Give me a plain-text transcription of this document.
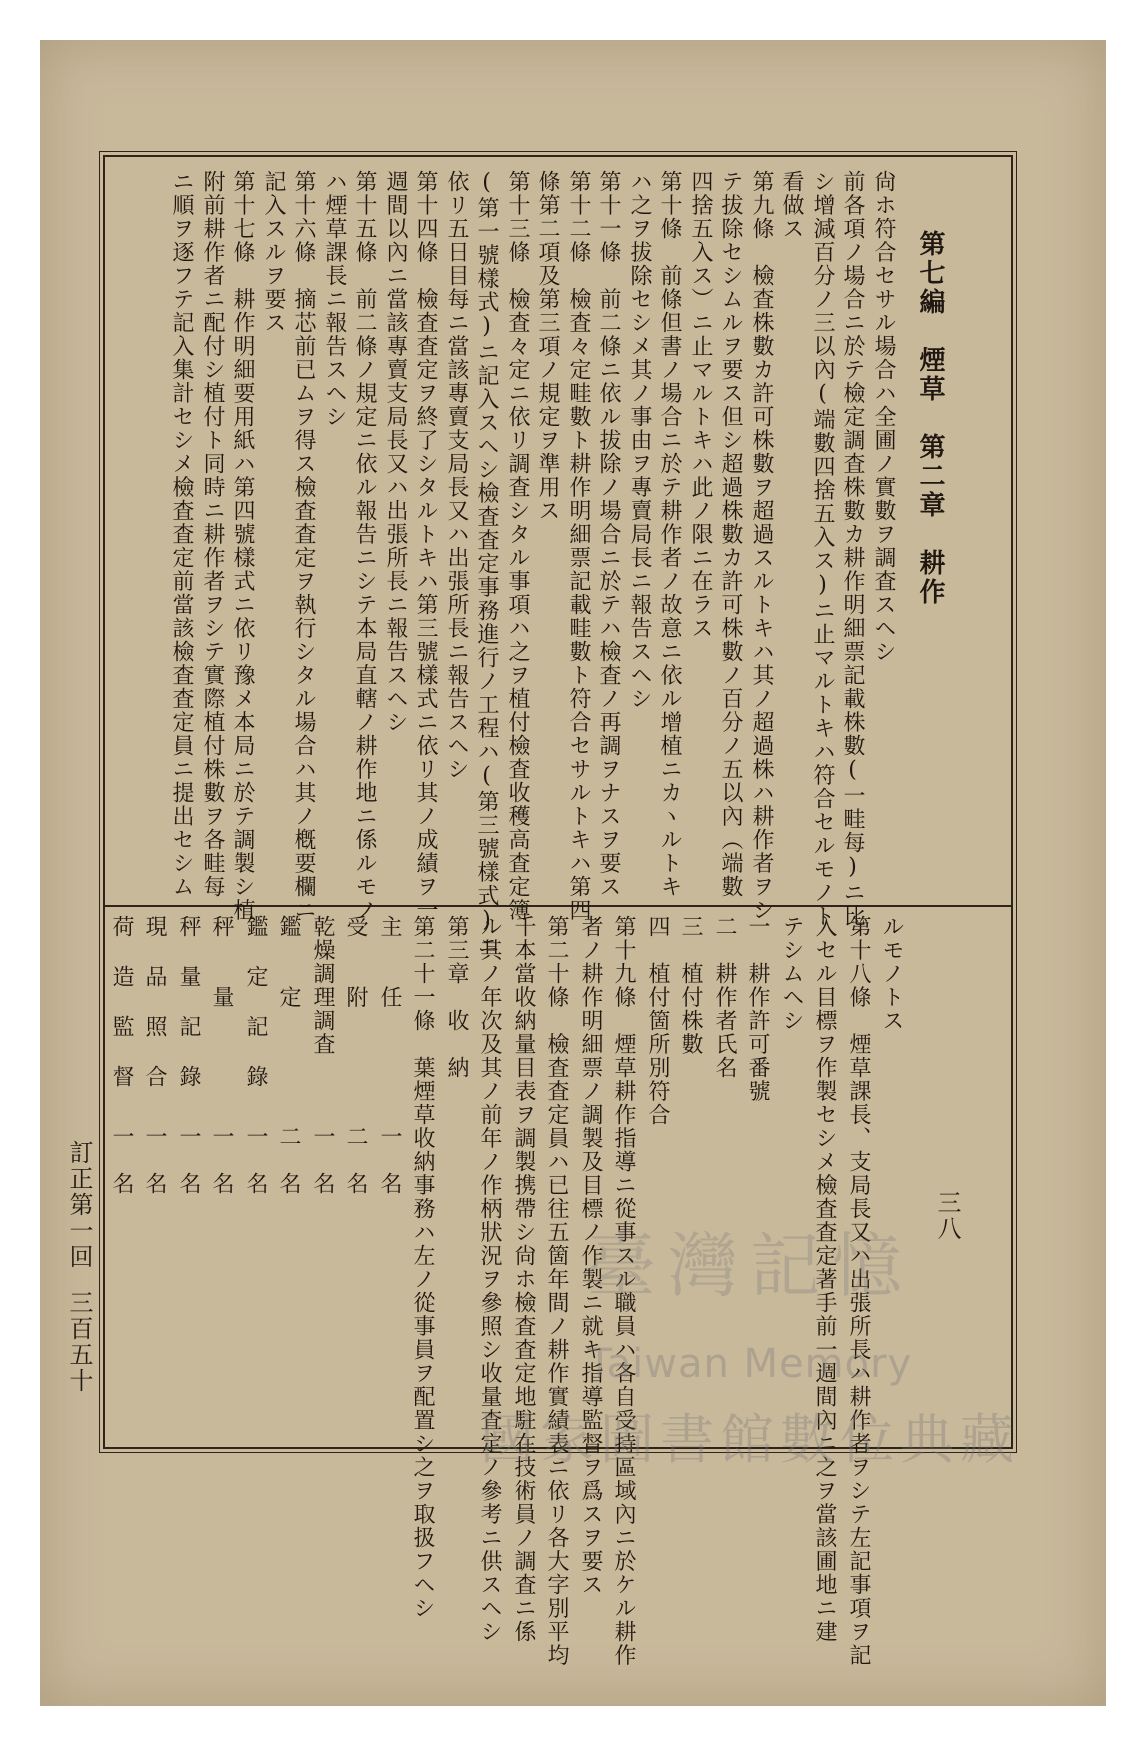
第七編　煙草　第二章　耕作
三八
訂正第一回
三百五十
尙ホ符合セサル場合ハ全圃ノ實數ヲ調査スヘシ
前各項ノ場合ニ於テ檢定調査株數カ耕作明細票記載株數(一畦每)ニ比
シ增減百分ノ三以內(端數四捨五入ス)ニ止マルトキハ符合セルモノト
看做ス
第九條　檢査株數カ許可株數ヲ超過スルトキハ其ノ超過株ハ耕作者ヲシ
テ拔除セシムルヲ要ス但シ超過株數カ許可株數ノ百分ノ五以內（端數
四捨五入ス）ニ止マルトキハ此ノ限ニ在ラス
第十條　前條但書ノ場合ニ於テ耕作者ノ故意ニ依ル增植ニカヽルトキ
ハ之ヲ拔除セシメ其ノ事由ヲ專賣局長ニ報告スヘシ
第十一條　前二條ニ依ル拔除ノ場合ニ於テハ檢査ノ再調ヲナスヲ要ス
第十二條　檢査々定畦數ト耕作明細票記載畦數ト符合セサルトキハ第四
條第二項及第三項ノ規定ヲ準用ス
第十三條　檢査々定ニ依リ調査シタル事項ハ之ヲ植付檢査收穫高査定簿
(第一號樣式)ニ記入スヘシ檢査査定事務進行ノ工程ハ(第三號樣式)ニ
依リ五日目每ニ當該專賣支局長又ハ出張所長ニ報告スヘシ
第十四條　檢査査定ヲ終了シタルトキハ第三號樣式ニ依リ其ノ成績ヲ一
週間以內ニ當該專賣支局長又ハ出張所長ニ報告スヘシ
第十五條　前二條ノ規定ニ依ル報告ニシテ本局直轄ノ耕作地ニ係ルモノ
ハ煙草課長ニ報告スヘシ
第十六條　摘芯前已ムヲ得ス檢査査定ヲ執行シタル場合ハ其ノ槪要欄ニ
記入スルヲ要ス
第十七條　耕作明細要用紙ハ第四號樣式ニ依リ豫メ本局ニ於テ調製シ植
附前耕作者ニ配付シ植付ト同時ニ耕作者ヲシテ實際植付株數ヲ各畦每
ニ順ヲ逐フテ記入集計セシメ檢査査定前當該檢査査定員ニ提出セシム
ルモノトス
第十八條　煙草課長、支局長又ハ出張所長ハ耕作者ヲシテ左記事項ヲ記
入セル目標ヲ作製セシメ檢査査定著手前一週間內ニ之ヲ當該圃地ニ建
テシムヘシ
一　耕作許可番號
二　耕作者氏名
三　植付株數
四　植付箇所別符合
第十九條　煙草耕作指導ニ從事スル職員ハ各自受持區域內ニ於ケル耕作
者ノ耕作明細票ノ調製及目標ノ作製ニ就キ指導監督ヲ爲スヲ要ス
第二十條　檢査査定員ハ已往五箇年間ノ耕作實績表ニ依リ各大字別平均
千本當收納量目表ヲ調製携帶シ尙ホ檢査査定地駐在技術員ノ調査ニ係
ル其ノ年次及其ノ前年ノ作柄狀況ヲ參照シ收量査定ノ參考ニ供スヘシ
第三章　收　納
第二十一條　葉煙草收納事務ハ左ノ從事員ヲ配置シ之ヲ取扱フヘシ
主　　任
受　　附
乾燥調理調査
鑑　　定
鑑 定 記 錄
秤　　量
秤 量 記 錄
現 品 照 合
荷 造 監 督
一　名
二　名
一　名
二　名
一　名
一　名
一　名
一　名
一　名
臺灣記憶
Taiwan Memory
國家圖書館數位典藏
